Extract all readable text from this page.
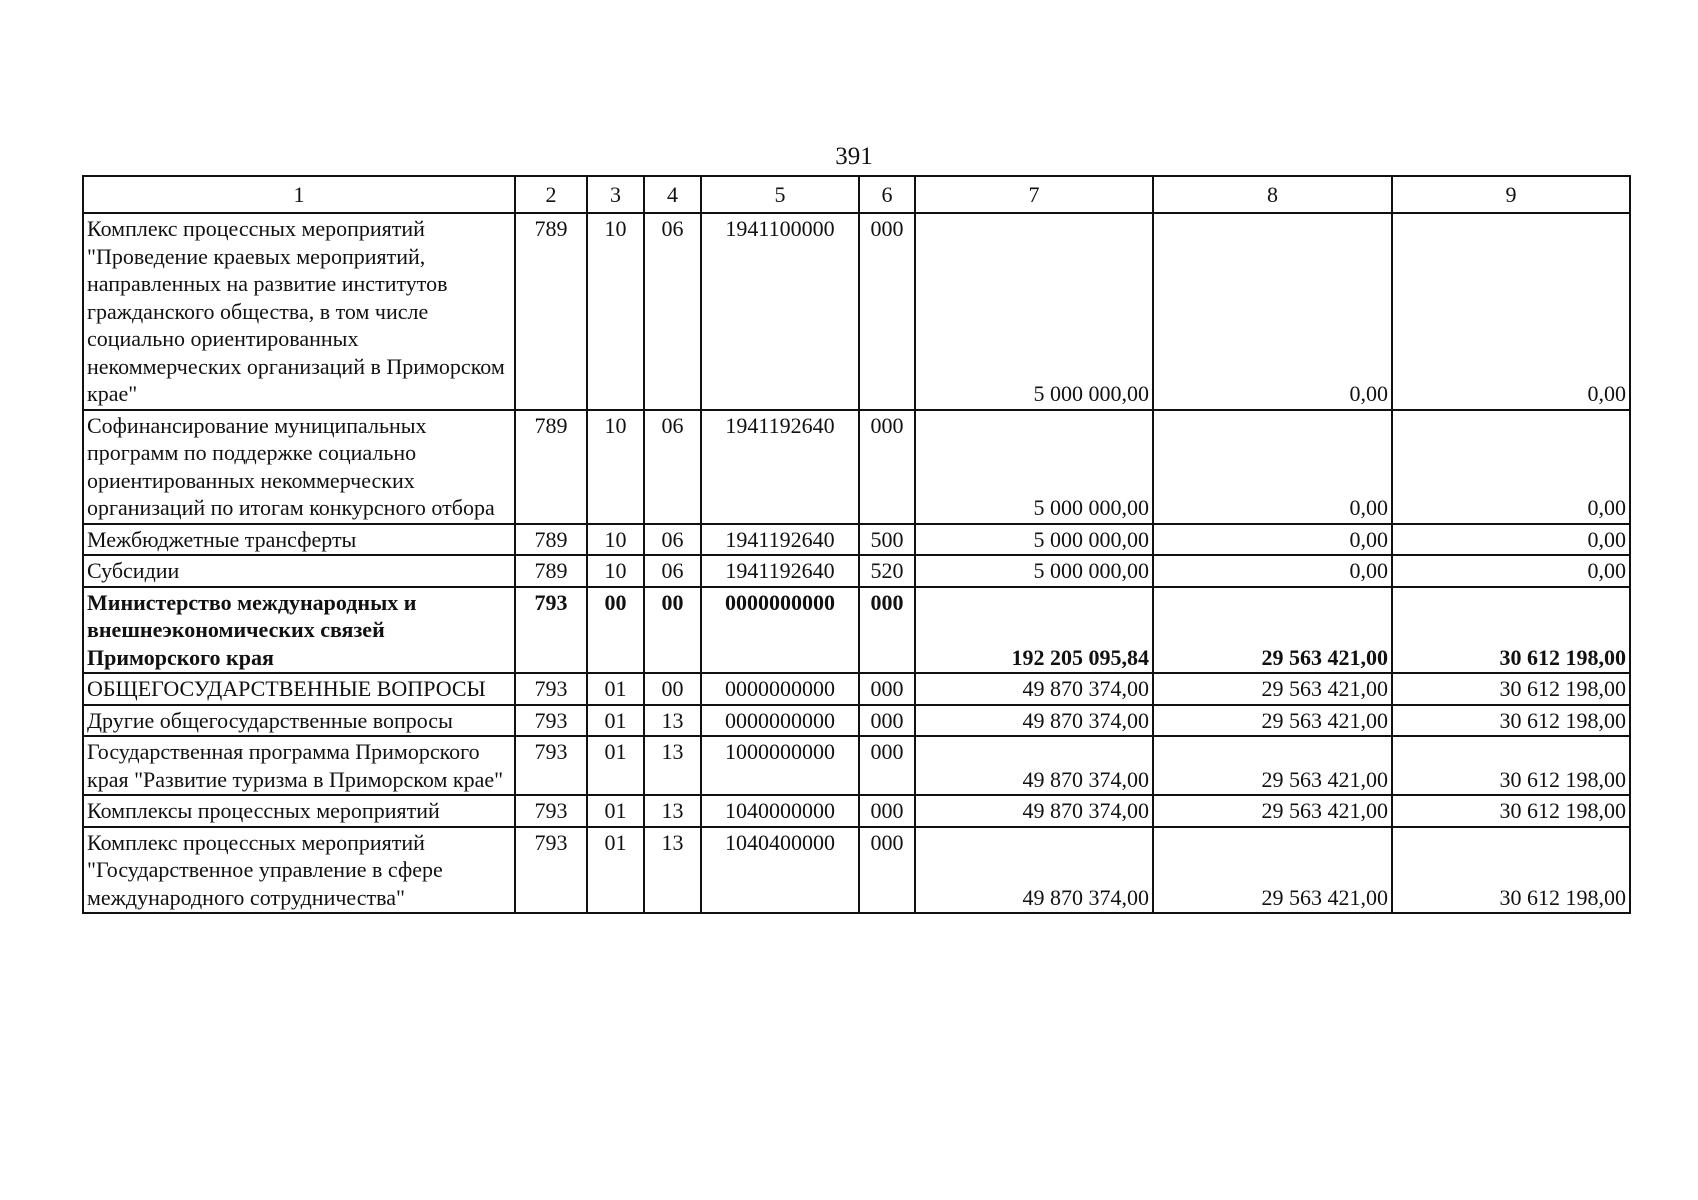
391
1	2	3	4	5	6	7	8	9
Комплекс процессных мероприятий "Проведение краевых мероприятий, направленных на развитие институтов гражданского общества, в том числе социально ориентированных некоммерческих организаций в Приморском крае"	789	10	06	1941100000	000	5 000 000,00	0,00	0,00
Софинансирование муниципальных программ по поддержке социально ориентированных некоммерческих организаций по итогам конкурсного отбора	789	10	06	1941192640	000	5 000 000,00	0,00	0,00
Межбюджетные трансферты	789	10	06	1941192640	500	5 000 000,00	0,00	0,00
Субсидии	789	10	06	1941192640	520	5 000 000,00	0,00	0,00
Министерство международных и внешнеэкономических связей Приморского края	793	00	00	0000000000	000	192 205 095,84	29 563 421,00	30 612 198,00
ОБЩЕГОСУДАРСТВЕННЫЕ ВОПРОСЫ	793	01	00	0000000000	000	49 870 374,00	29 563 421,00	30 612 198,00
Другие общегосударственные вопросы	793	01	13	0000000000	000	49 870 374,00	29 563 421,00	30 612 198,00
Государственная программа Приморского края "Развитие туризма в Приморском крае"	793	01	13	1000000000	000	49 870 374,00	29 563 421,00	30 612 198,00
Комплексы процессных мероприятий	793	01	13	1040000000	000	49 870 374,00	29 563 421,00	30 612 198,00
Комплекс процессных мероприятий "Государственное управление в сфере международного сотрудничества"	793	01	13	1040400000	000	49 870 374,00	29 563 421,00	30 612 198,00
